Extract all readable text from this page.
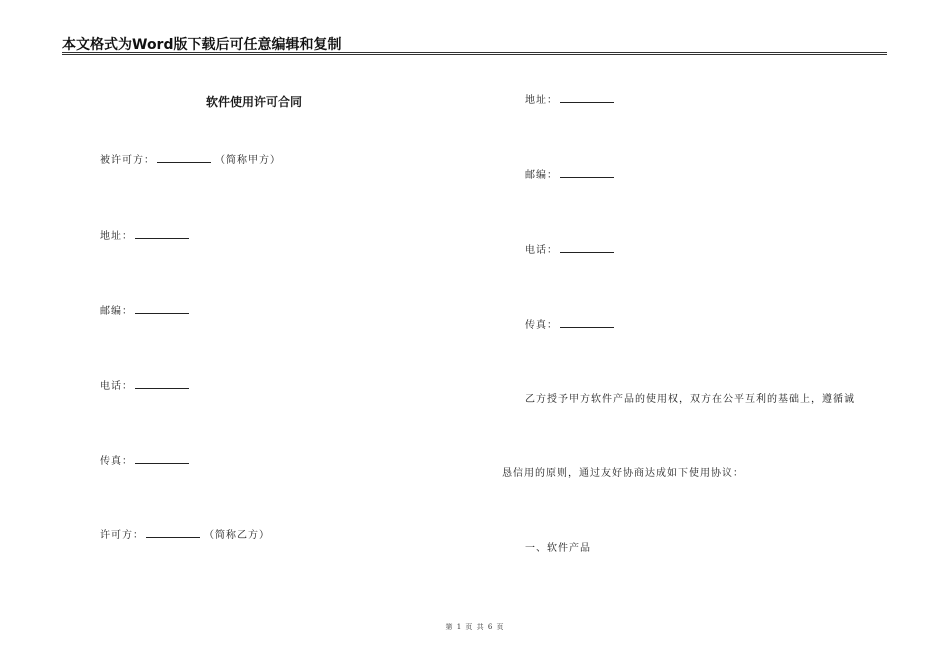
本文格式为Word版下载后可任意编辑和复制
软件使用许可合同
被许可方：	（简称甲方）
地址：
邮编：
电话：
传真：
许可方：	（简称乙方）
地址：
邮编：
电话：
传真：
乙方授予甲方软件产品的使用权，双方在公平互利的基础上，遵循诚
恳信用的原则，通过友好协商达成如下使用协议：
一、软件产品
第 1 页 共 6 页
